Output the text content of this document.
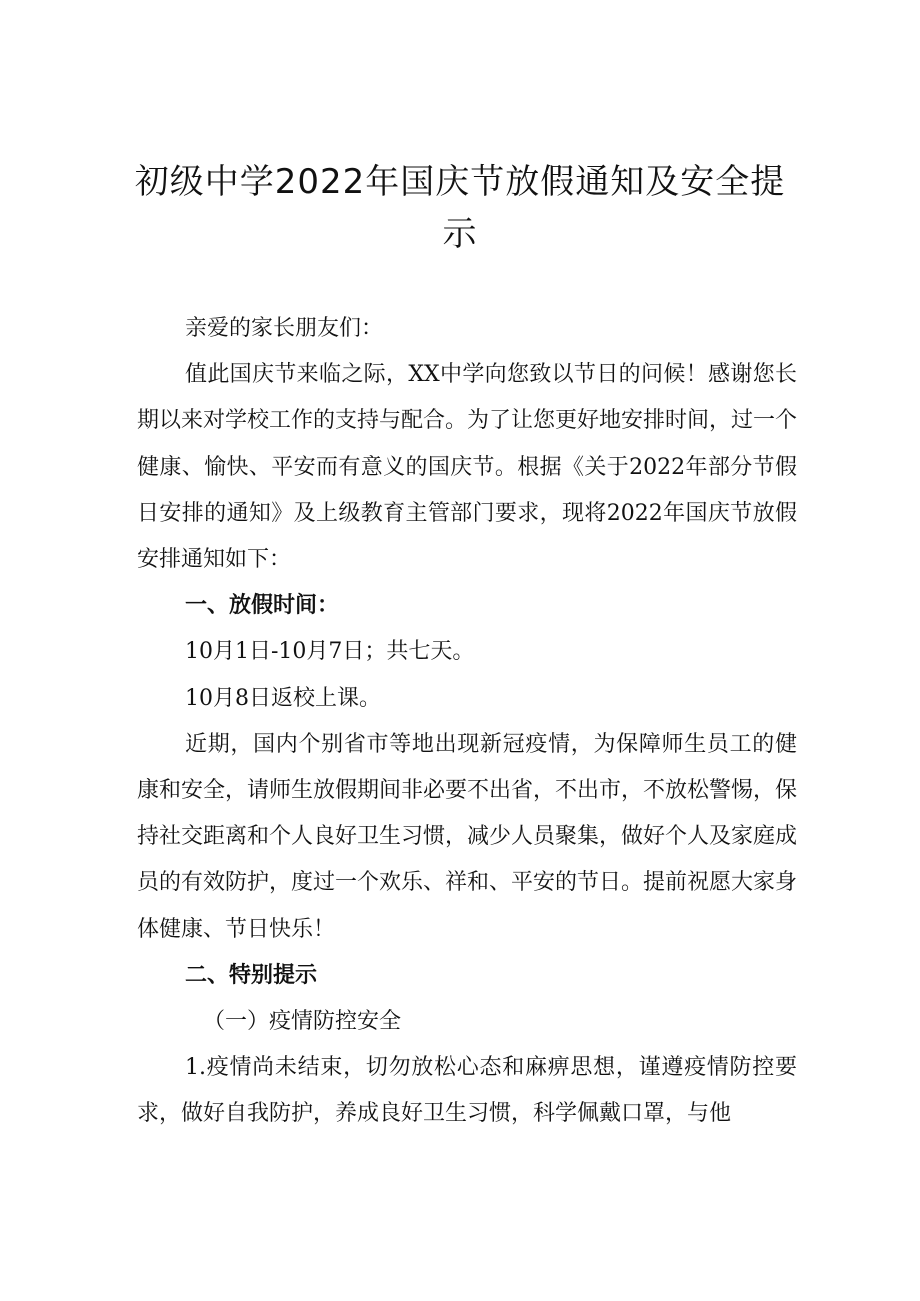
初级中学2022年国庆节放假通知及安全提示

亲爱的家长朋友们：

值此国庆节来临之际，XX中学向您致以节日的问候！感谢您长期以来对学校工作的支持与配合。为了让您更好地安排时间，过一个健康、愉快、平安而有意义的国庆节。根据《关于2022年部分节假日安排的通知》及上级教育主管部门要求，现将2022年国庆节放假安排通知如下：

一、放假时间：

10月1日-10月7日；共七天。

10月8日返校上课。

近期，国内个别省市等地出现新冠疫情，为保障师生员工的健康和安全，请师生放假期间非必要不出省，不出市，不放松警惕，保持社交距离和个人良好卫生习惯，减少人员聚集，做好个人及家庭成员的有效防护，度过一个欢乐、祥和、平安的节日。提前祝愿大家身体健康、节日快乐！

二、特别提示

（一）疫情防控安全

1.疫情尚未结束，切勿放松心态和麻痹思想，谨遵疫情防控要求，做好自我防护，养成良好卫生习惯，科学佩戴口罩，与他
